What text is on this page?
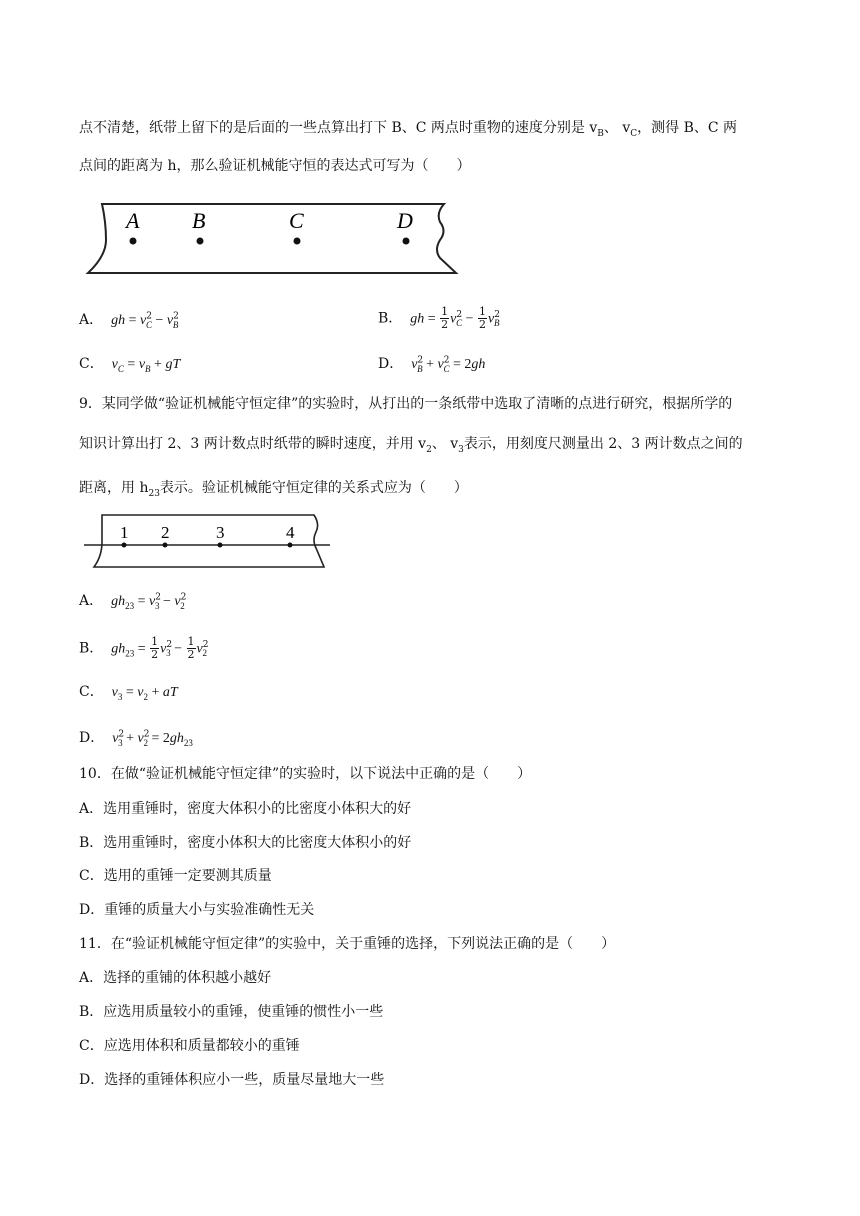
点不清楚，纸带上留下的是后面的一些点算出打下 B、C 两点时重物的速度分别是 $v_B$、 $v_C$，测得 B、C 两
点间的距离为 h，那么验证机械能守恒的表达式可写为（　　）
A B	C	D
A．  gh = $v^2_C - v^2_B$	B．  gh = $\frac{1}{2} v^2_C - \frac{1}{2} v^2_B$
C．  $v_C = v_B$ + gT	D．  $v^2_B + v^2_C = 2gh$
9．某同学做“验证机械能守恒定律”的实验时，从打出的一条纸带中选取了清晰的点进行研究，根据所学的
知识计算出打 2、3 两计数点时纸带的瞬时速度，并用 $v_2$、 $v_3$表示，用刻度尺测量出 2、3 两计数点之间的
距离，用 $h_{23}$表示。验证机械能守恒定律的关系式应为（　　）
1 2	3	4
A．  $gh_{23} = v^2_3 - v^2_2$
B．  $gh_{23} = \frac{1}{2} v^2_3 - \frac{1}{2} v^2_2$
C．  $v_3 = v_2$ + aT
D．  $v^2_3 + v^2_2 = 2gh_{23}$
10．在做“验证机械能守恒定律”的实验时，以下说法中正确的是（　　）
A．选用重锤时，密度大体积小的比密度小体积大的好
B．选用重锤时，密度小体积大的比密度大体积小的好
C．选用的重锤一定要测其质量
D．重锤的质量大小与实验准确性无关
11．在“验证机械能守恒定律”的实验中，关于重锤的选择，下列说法正确的是（　　）
A．选择的重铺的体积越小越好
B．应选用质量较小的重锤，使重锤的惯性小一些
C．应选用体积和质量都较小的重锤
D．选择的重锤体积应小一些，质量尽量地大一些
